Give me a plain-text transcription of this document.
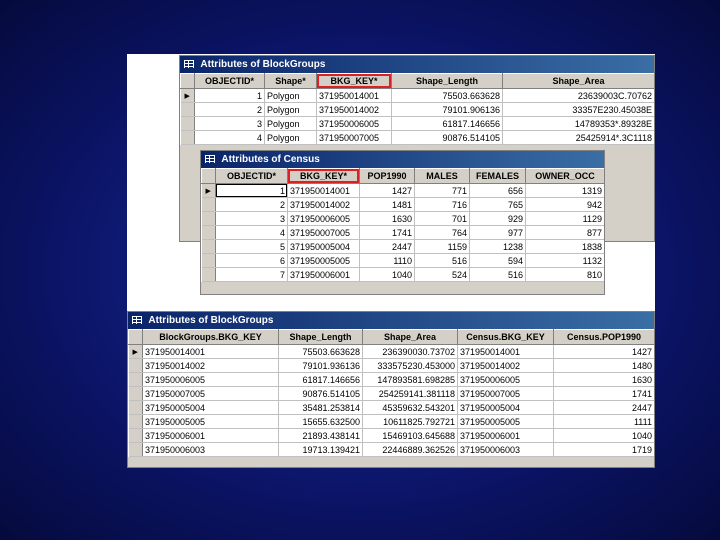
Attributes of BlockGroups
	OBJECTID*	Shape*	BKG_KEY*	Shape_Length	Shape_Area
▶	1	Polygon	371950014001	75503.663628	23639003C.70762
	2	Polygon	371950014002	79101.906136	33357E230.45038E
	3	Polygon	371950006005	61817.146656	14789353*.89328E
	4	Polygon	371950007005	90876.514105	25425914*.3C1118
Attributes of Census
	OBJECTID*	BKG_KEY*	POP1990	MALES	FEMALES	OWNER_OCC
▶	1	371950014001	1427	771	656	1319
	2	371950014002	1481	716	765	942
	3	371950006005	1630	701	929	1129
	4	371950007005	1741	764	977	877
	5	371950005004	2447	1159	1238	1838
	6	371950005005	1110	516	594	1132
	7	371950006001	1040	524	516	810
Attributes of BlockGroups
	BlockGroups.BKG_KEY	Shape_Length	Shape_Area	Census.BKG_KEY	Census.POP1990
▶	371950014001	75503.663628	236390030.73702	371950014001	1427
	371950014002	79101.936136	333575230.453000	371950014002	1480
	371950006005	61817.146656	147893581.698285	371950006005	1630
	371950007005	90876.514105	254259141.381118	371950007005	1741
	371950005004	35481.253814	45359632.543201	371950005004	2447
	371950005005	15655.632500	10611825.792721	371950005005	1111
	371950006001	21893.438141	15469103.645688	371950006001	1040
	371950006003	19713.139421	22446889.362526	371950006003	1719
